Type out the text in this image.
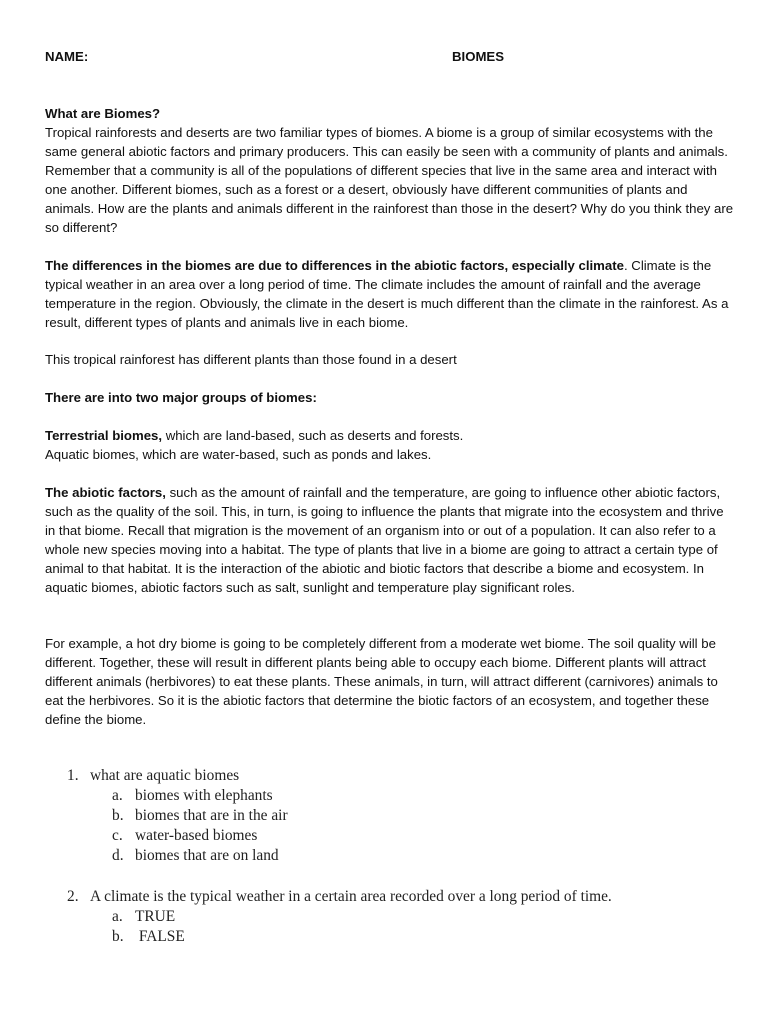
NAME:	BIOMES

What are Biomes?

Tropical rainforests and deserts are two familiar types of biomes. A biome is a group of similar ecosystems with the same general abiotic factors and primary producers. This can easily be seen with a community of plants and animals. Remember that a community is all of the populations of different species that live in the same area and interact with one another. Different biomes, such as a forest or a desert, obviously have different communities of plants and animals. How are the plants and animals different in the rainforest than those in the desert? Why do you think they are so different?

The differences in the biomes are due to differences in the abiotic factors, especially climate. Climate is the typical weather in an area over a long period of time. The climate includes the amount of rainfall and the average temperature in the region. Obviously, the climate in the desert is much different than the climate in the rainforest. As a result, different types of plants and animals live in each biome.

This tropical rainforest has different plants than those found in a desert

There are into two major groups of biomes:

Terrestrial biomes, which are land-based, such as deserts and forests.

Aquatic biomes, which are water-based, such as ponds and lakes.

The abiotic factors, such as the amount of rainfall and the temperature, are going to influence other abiotic factors, such as the quality of the soil. This, in turn, is going to influence the plants that migrate into the ecosystem and thrive in that biome. Recall that migration is the movement of an organism into or out of a population. It can also refer to a whole new species moving into a habitat. The type of plants that live in a biome are going to attract a certain type of animal to that habitat. It is the interaction of the abiotic and biotic factors that describe a biome and ecosystem. In aquatic biomes, abiotic factors such as salt, sunlight and temperature play significant roles.

For example, a hot dry biome is going to be completely different from a moderate wet biome. The soil quality will be different. Together, these will result in different plants being able to occupy each biome. Different plants will attract different animals (herbivores) to eat these plants. These animals, in turn, will attract different (carnivores) animals to eat the herbivores. So it is the abiotic factors that determine the biotic factors of an ecosystem, and together these define the biome.

1. what are aquatic biomes
a. biomes with elephants
b. biomes that are in the air
c. water-based biomes
d. biomes that are on land
2. A climate is the typical weather in a certain area recorded over a long period of time.
a. TRUE
b. FALSE
